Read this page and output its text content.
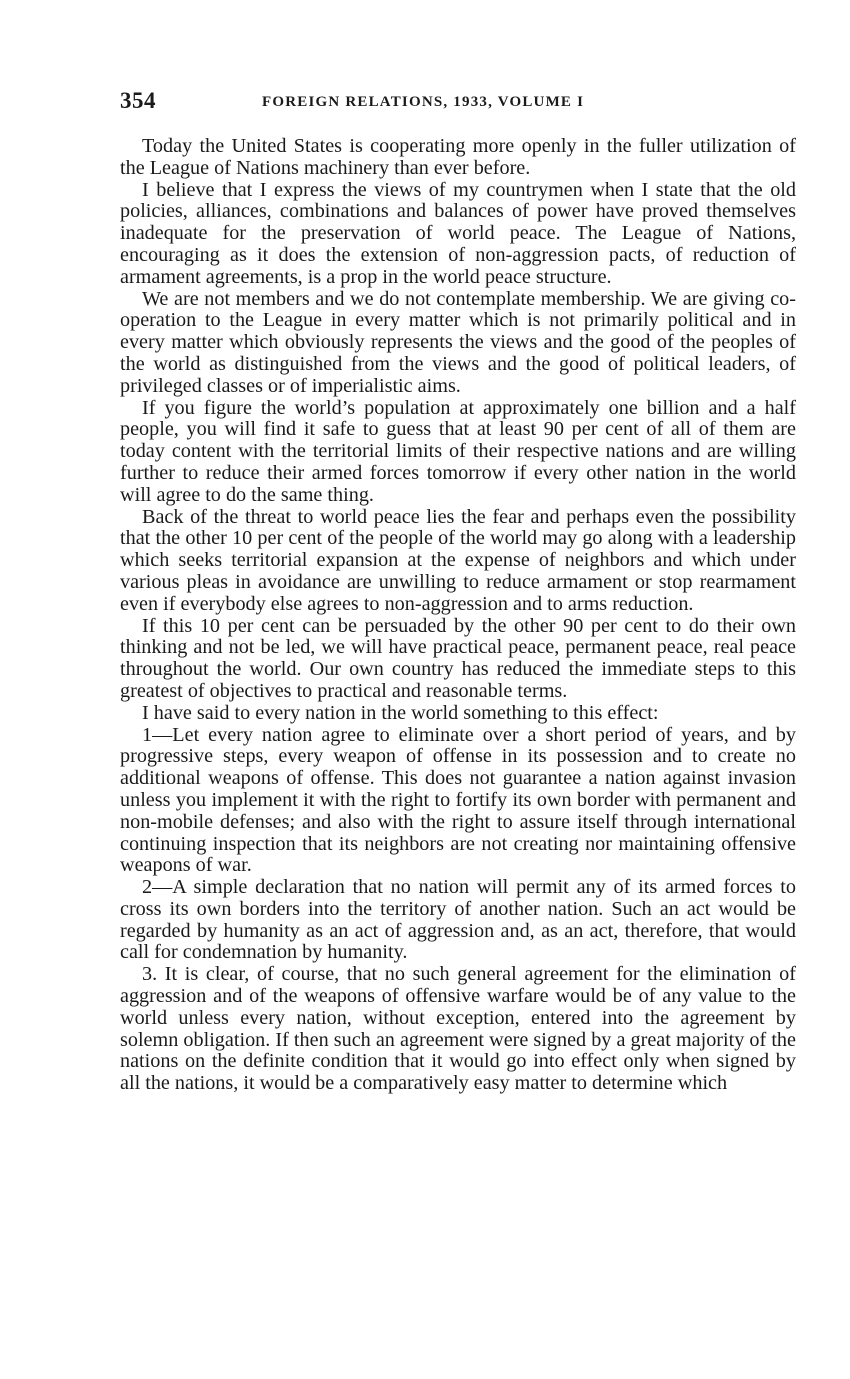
354	FOREIGN RELATIONS, 1933, VOLUME I

Today the United States is cooperating more openly in the fuller utilization of the League of Nations machinery than ever before.

I believe that I express the views of my countrymen when I state that the old policies, alliances, combinations and balances of power have proved themselves inadequate for the preservation of world peace. The League of Nations, encouraging as it does the extension of non-aggression pacts, of reduction of armament agreements, is a prop in the world peace structure.

We are not members and we do not contemplate membership. We are giving co-operation to the League in every matter which is not primarily political and in every matter which obviously represents the views and the good of the peoples of the world as distinguished from the views and the good of political leaders, of privileged classes or of imperialistic aims.

If you figure the world’s population at approximately one billion and a half people, you will find it safe to guess that at least 90 per cent of all of them are today content with the territorial limits of their respective nations and are willing further to reduce their armed forces tomorrow if every other nation in the world will agree to do the same thing.

Back of the threat to world peace lies the fear and perhaps even the possibility that the other 10 per cent of the people of the world may go along with a leadership which seeks territorial expansion at the expense of neighbors and which under various pleas in avoidance are unwilling to reduce armament or stop rearmament even if everybody else agrees to non-aggression and to arms reduction.

If this 10 per cent can be persuaded by the other 90 per cent to do their own thinking and not be led, we will have practical peace, permanent peace, real peace throughout the world. Our own country has reduced the immediate steps to this greatest of objectives to practical and reasonable terms.

I have said to every nation in the world something to this effect:

1—Let every nation agree to eliminate over a short period of years, and by progressive steps, every weapon of offense in its possession and to create no additional weapons of offense. This does not guarantee a nation against invasion unless you implement it with the right to fortify its own border with permanent and non-mobile defenses; and also with the right to assure itself through international continuing inspection that its neighbors are not creating nor maintaining offensive weapons of war.

2—A simple declaration that no nation will permit any of its armed forces to cross its own borders into the territory of another nation. Such an act would be regarded by humanity as an act of aggression and, as an act, therefore, that would call for condemnation by humanity.

3. It is clear, of course, that no such general agreement for the elimination of aggression and of the weapons of offensive warfare would be of any value to the world unless every nation, without exception, entered into the agreement by solemn obligation. If then such an agreement were signed by a great majority of the nations on the definite condition that it would go into effect only when signed by all the nations, it would be a comparatively easy matter to determine which
